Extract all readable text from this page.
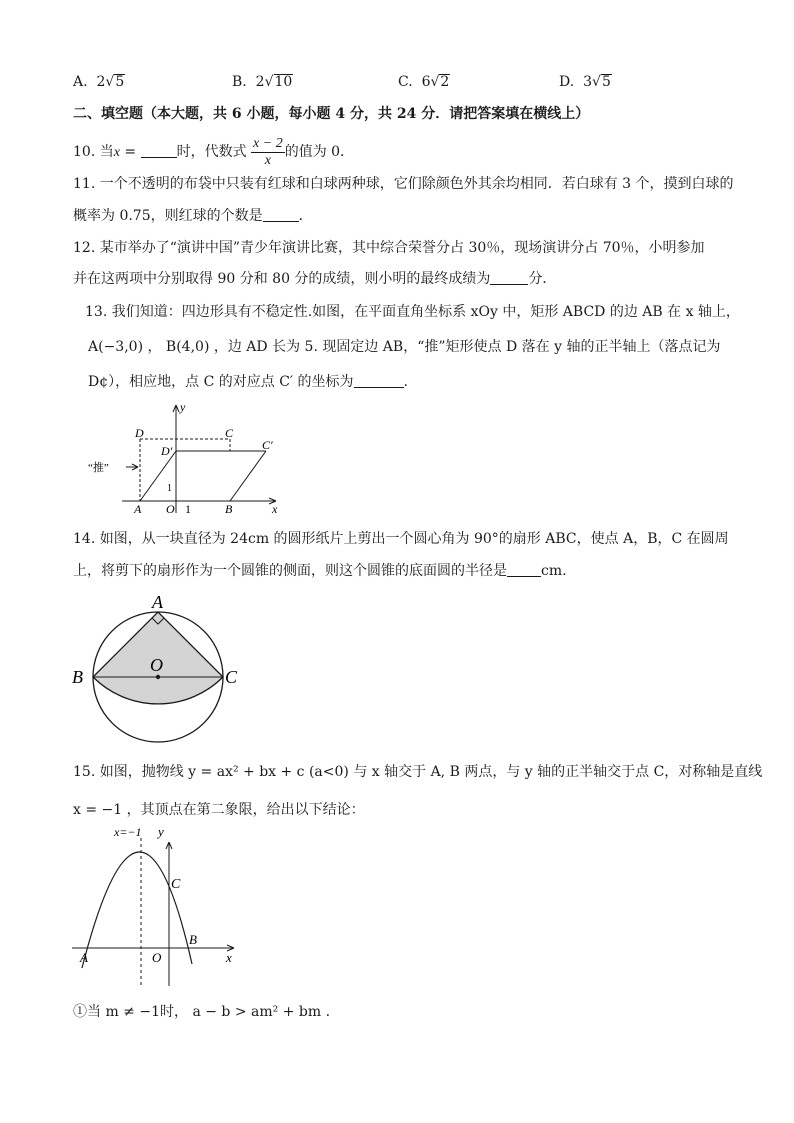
A. 2√5	B. 2√10	C. 6√2	D. 3√5
二、填空题（本大题，共 6 小题，每小题 4 分，共 24 分．请把答案填在横线上）
10. 当x =	时，代数式 $\frac{x - 2}{x}$ 的值为 0．
11. 一个不透明的布袋中只装有红球和白球两种球，它们除颜色外其余均相同．若白球有 3 个，摸到白球的
概率为 0.75，则红球的个数是	．
12. 某市举办了“演讲中国”青少年演讲比赛，其中综合荣誉分占 30％，现场演讲分占 70％，小明参加
并在这两项中分别取得 90 分和 80 分的成绩，则小明的最终成绩为	分．
13. 我们知道：四边形具有不稳定性.如图，在平面直角坐标系 xOy 中，矩形 ABCD 的边 AB 在 x 轴上，
A(−3,0) ， B(4,0) ，边 AD 长为 5. 现固定边 AB，“推”矩形使点 D 落在 y 轴的正半轴上（落点记为
D¢），相应地，点 C 的对应点 C′ 的坐标为	.
y
x
D	C
C′
D′
“推”
1
A O 1	B
14. 如图，从一块直径为 24cm 的圆形纸片上剪出一个圆心角为 90°的扇形 ABC，使点 A，B，C 在圆周
上，将剪下的扇形作为一个圆锥的侧面，则这个圆锥的底面圆的半径是 cm.
A
O
B	C
15. 如图，抛物线 y = ax² + bx + c (a<0) 与 x 轴交于 A, B 两点，与 y 轴的正半轴交于点 C，对称轴是直线
x = −1 ，其顶点在第二象限，给出以下结论：
x=−1 y
C
B
A	O	x
①当 m ≠ −1时， a − b > am² + bm .
